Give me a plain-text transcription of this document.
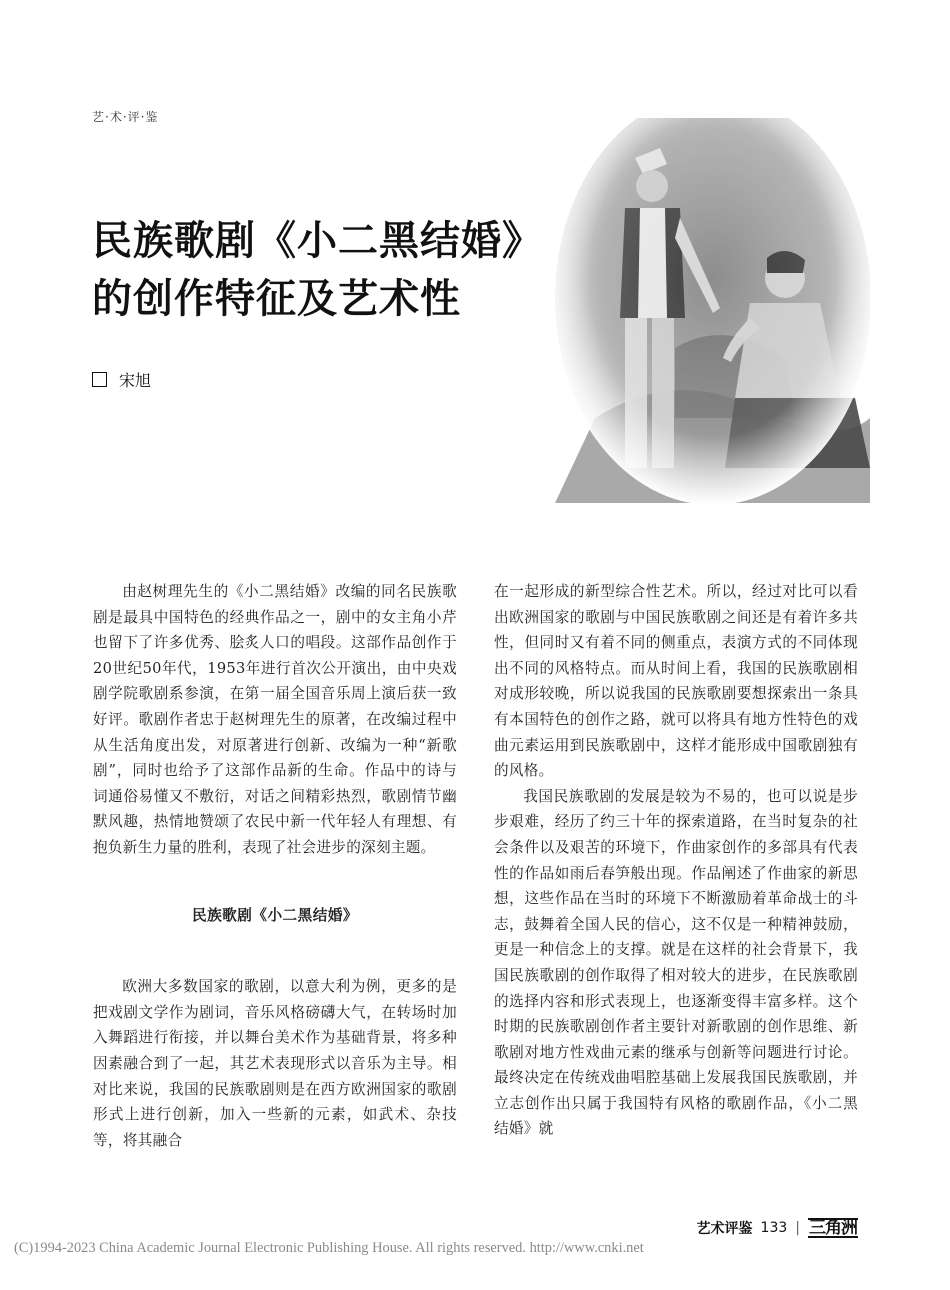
艺·术·评·鉴
民族歌剧《小二黑结婚》
的创作特征及艺术性
宋旭

由赵树理先生的《小二黑结婚》改编的同名民族歌剧是最具中国特色的经典作品之一，剧中的女主角小芹也留下了许多优秀、脍炙人口的唱段。这部作品创作于20世纪50年代，1953年进行首次公开演出，由中央戏剧学院歌剧系参演，在第一届全国音乐周上演后获一致好评。歌剧作者忠于赵树理先生的原著，在改编过程中从生活角度出发，对原著进行创新、改编为一种“新歌剧”，同时也给予了这部作品新的生命。作品中的诗与词通俗易懂又不敷衍，对话之间精彩热烈，歌剧情节幽默风趣，热情地赞颂了农民中新一代年轻人有理想、有抱负新生力量的胜利，表现了社会进步的深刻主题。

民族歌剧《小二黑结婚》

欧洲大多数国家的歌剧，以意大利为例，更多的是把戏剧文学作为剧词，音乐风格磅礴大气，在转场时加入舞蹈进行衔接，并以舞台美术作为基础背景，将多种因素融合到了一起，其艺术表现形式以音乐为主导。相对比来说，我国的民族歌剧则是在西方欧洲国家的歌剧形式上进行创新，加入一些新的元素，如武术、杂技等，将其融合

在一起形成的新型综合性艺术。所以，经过对比可以看出欧洲国家的歌剧与中国民族歌剧之间还是有着许多共性，但同时又有着不同的侧重点，表演方式的不同体现出不同的风格特点。而从时间上看，我国的民族歌剧相对成形较晚，所以说我国的民族歌剧要想探索出一条具有本国特色的创作之路，就可以将具有地方性特色的戏曲元素运用到民族歌剧中，这样才能形成中国歌剧独有的风格。

我国民族歌剧的发展是较为不易的，也可以说是步步艰难，经历了约三十年的探索道路，在当时复杂的社会条件以及艰苦的环境下，作曲家创作的多部具有代表性的作品如雨后春笋般出现。作品阐述了作曲家的新思想，这些作品在当时的环境下不断激励着革命战士的斗志，鼓舞着全国人民的信心，这不仅是一种精神鼓励，更是一种信念上的支撑。就是在这样的社会背景下，我国民族歌剧的创作取得了相对较大的进步，在民族歌剧的选择内容和形式表现上，也逐渐变得丰富多样。这个时期的民族歌剧创作者主要针对新歌剧的创作思维、新歌剧对地方性戏曲元素的继承与创新等问题进行讨论。最终决定在传统戏曲唱腔基础上发展我国民族歌剧，并立志创作出只属于我国特有风格的歌剧作品，《小二黑结婚》就

艺术评鉴 133 | 三角洲
(C)1994-2023 China Academic Journal Electronic Publishing House. All rights reserved. http://www.cnki.net
